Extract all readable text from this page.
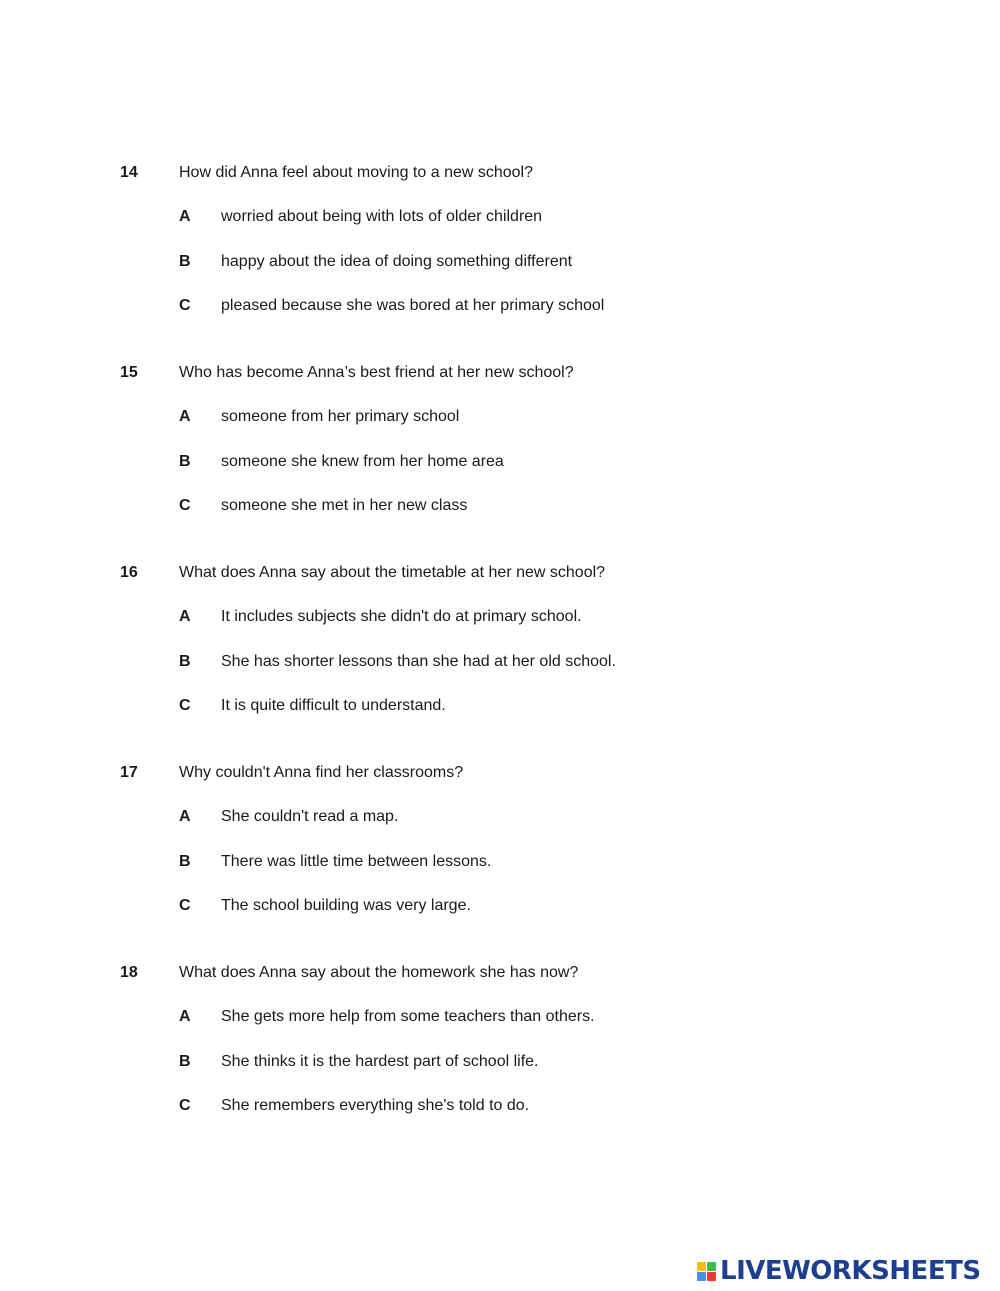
14	How did Anna feel about moving to a new school?
A worried about being with lots of older children
B happy about the idea of doing something different
C pleased because she was bored at her primary school
15	Who has become Anna’s best friend at her new school?
A someone from her primary school
B someone she knew from her home area
C someone she met in her new class
16	What does Anna say about the timetable at her new school?
A It includes subjects she didn't do at primary school.
B She has shorter lessons than she had at her old school.
C It is quite difficult to understand.
17	Why couldn't Anna find her classrooms?
A She couldn't read a map.
B There was little time between lessons.
C The school building was very large.
18	What does Anna say about the homework she has now?
A She gets more help from some teachers than others.
B She thinks it is the hardest part of school life.
C She remembers everything she's told to do.
LIVEWORKSHEETS
